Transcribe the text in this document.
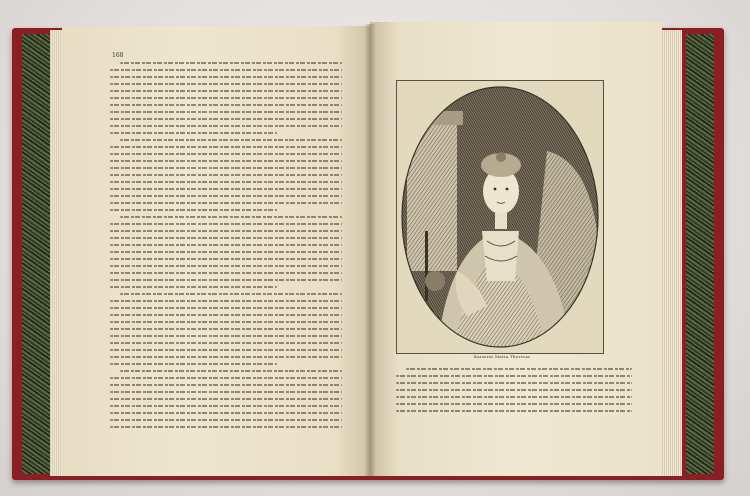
168
Kaiserin Maria Theresia
